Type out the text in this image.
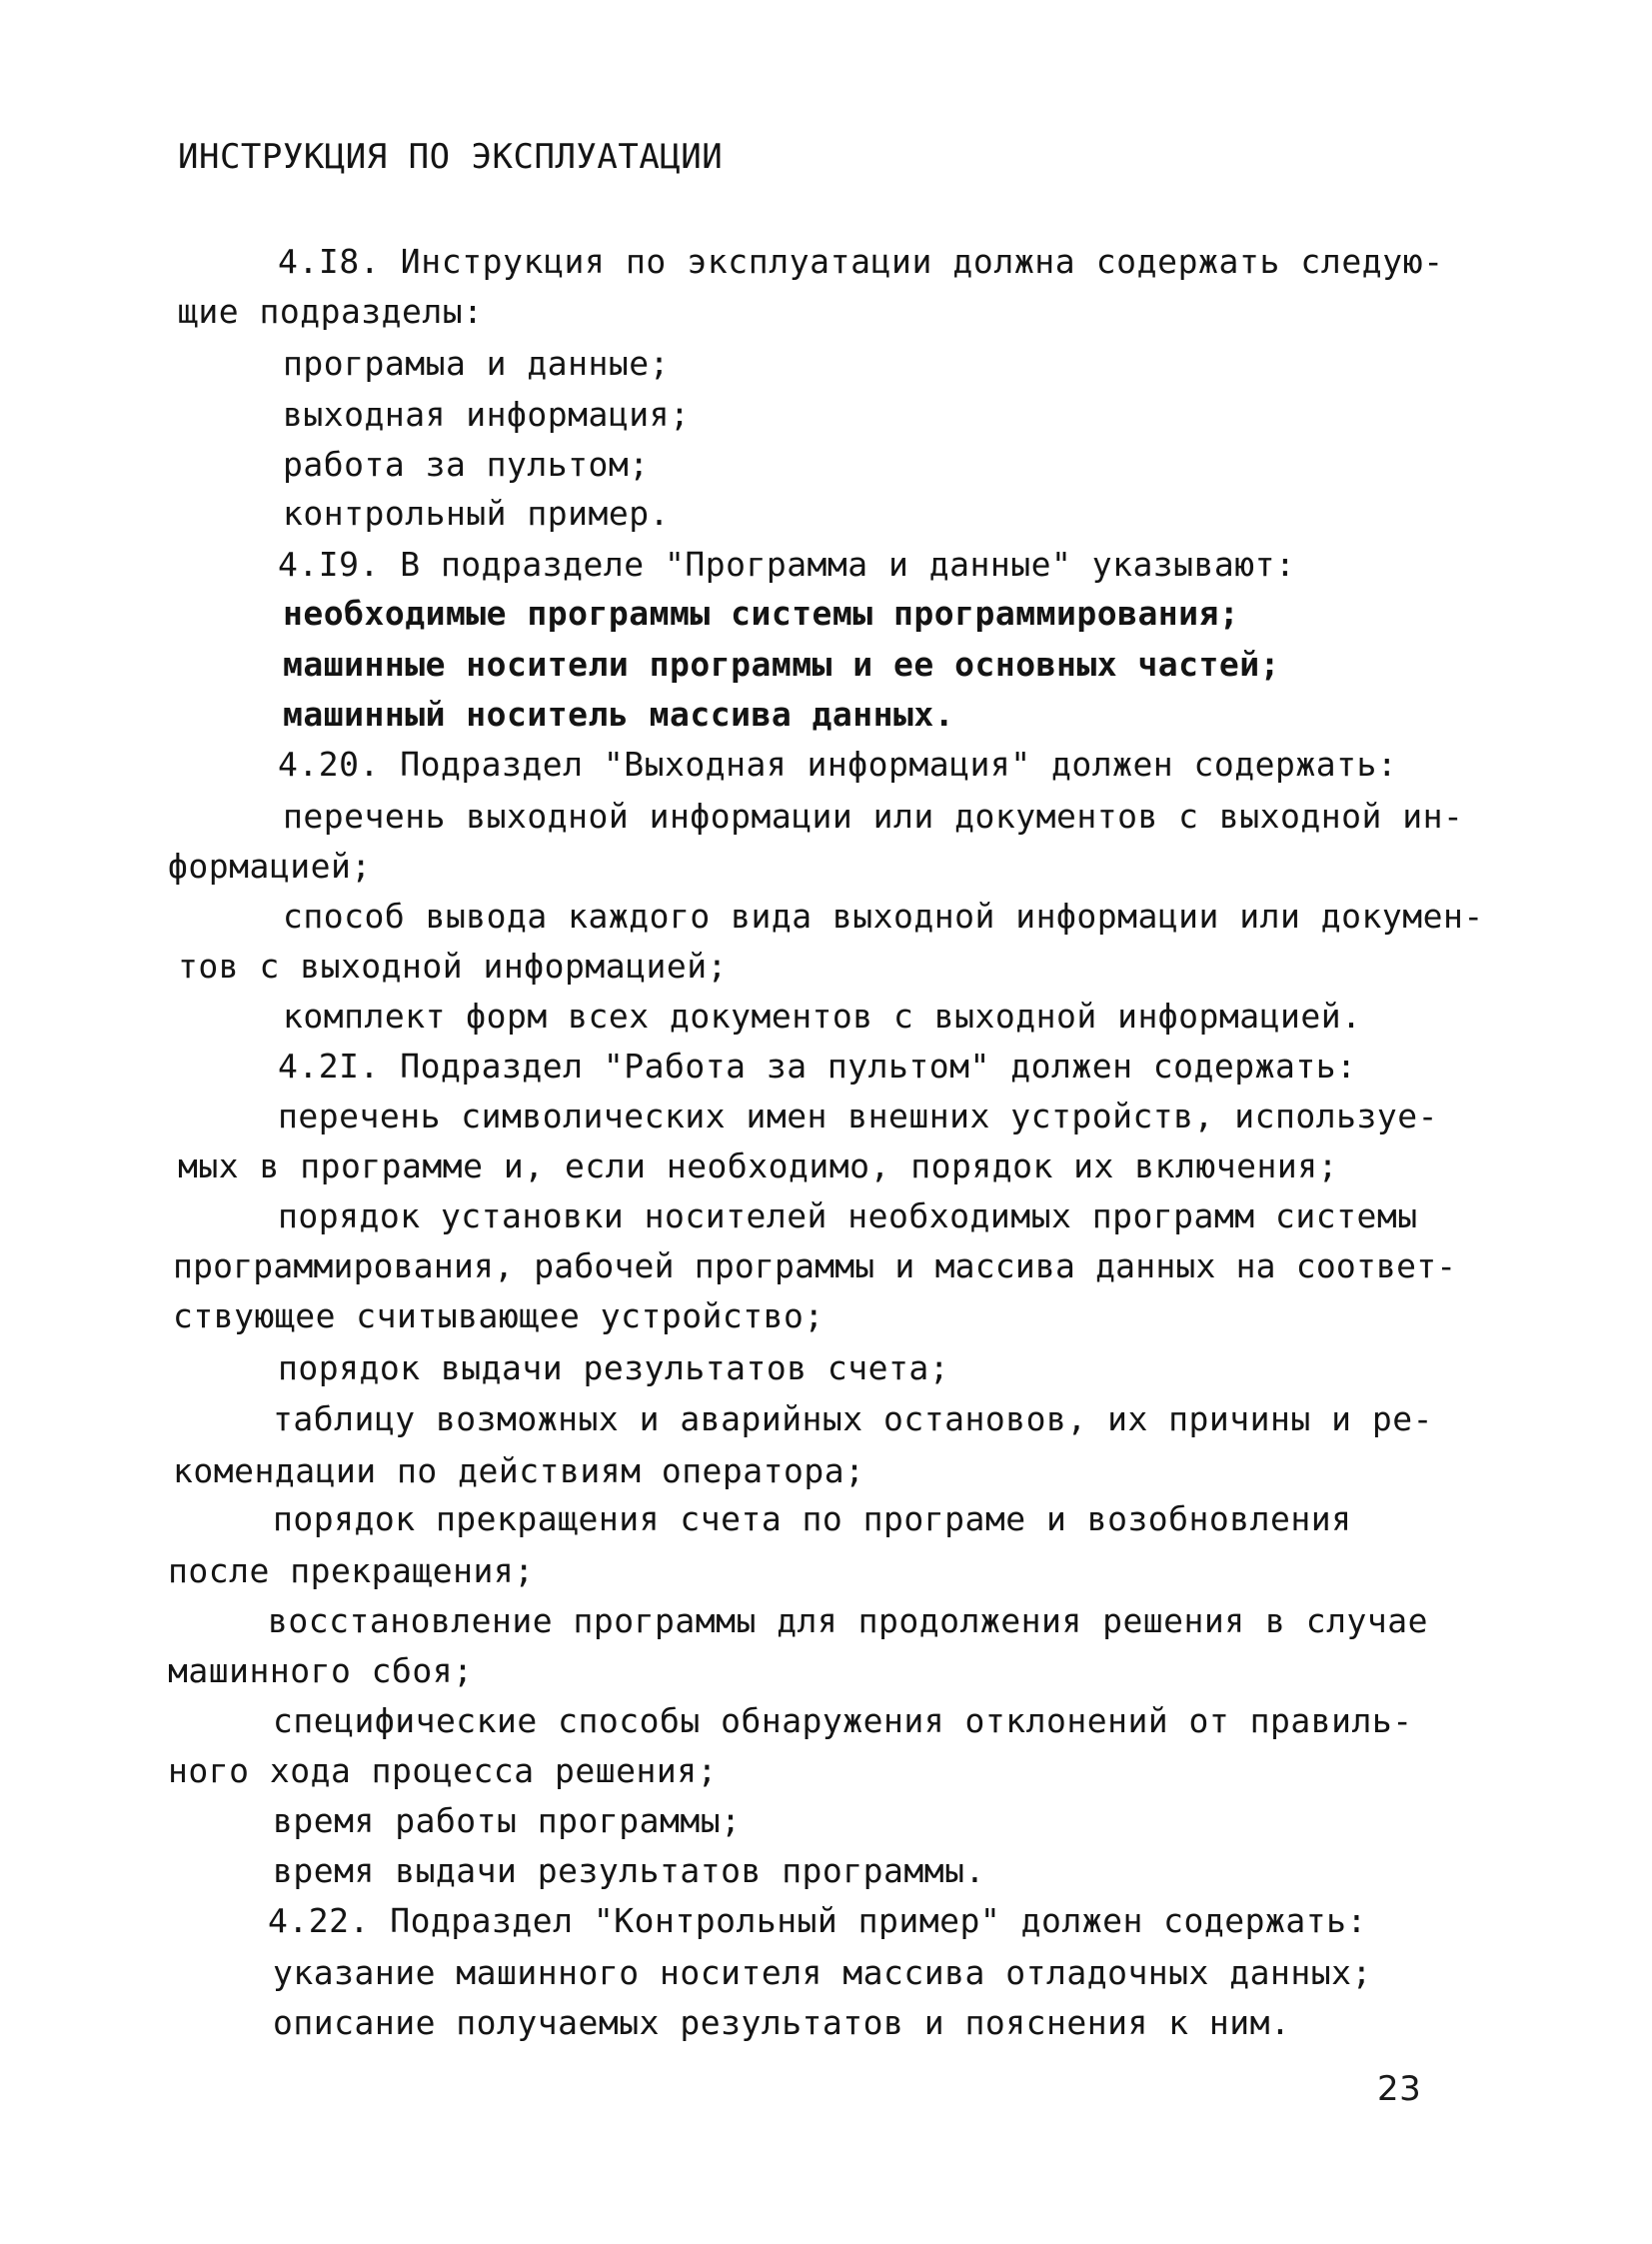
ИНСТРУКЦИЯ ПО ЭКСПЛУАТАЦИИ
4.I8. Инструкция по эксплуатации должна содержать следую-
щие подразделы:
програмыа и данные;
выходная информация;
работа за пультом;
контрольный пример.
4.I9. В подразделе "Программа и данные" указывают:
необходимые программы системы программирования;
машинные носители программы и ее основных частей;
машинный носитель массива данных.
4.20. Подраздел "Выходная информация" должен содержать:
перечень выходной информации или документов с выходной ин-
формацией;
способ вывода каждого вида выходной информации или докумен-
тов с выходной информацией;
комплект форм всех документов с выходной информацией.
4.2I. Подраздел "Работа за пультом" должен содержать:
перечень символических имен внешних устройств, используе-
мых в программе и, если необходимо, порядок их включения;
порядок установки носителей необходимых программ системы
программирования, рабочей программы и массива данных на соответ-
ствующее считывающее устройство;
порядок выдачи результатов счета;
таблицу возможных и аварийных остановов, их причины и ре-
комендации по действиям оператора;
порядок прекращения счета по програме и возобновления
после прекращения;
восстановление программы для продолжения решения в случае
машинного сбоя;
специфические способы обнаружения отклонений от правиль-
ного хода процесса решения;
время работы программы;
время выдачи результатов программы.
4.22. Подраздел "Контрольный пример" должен содержать:
указание машинного носителя массива отладочных данных;
описание получаемых результатов и пояснения к ним.
23
